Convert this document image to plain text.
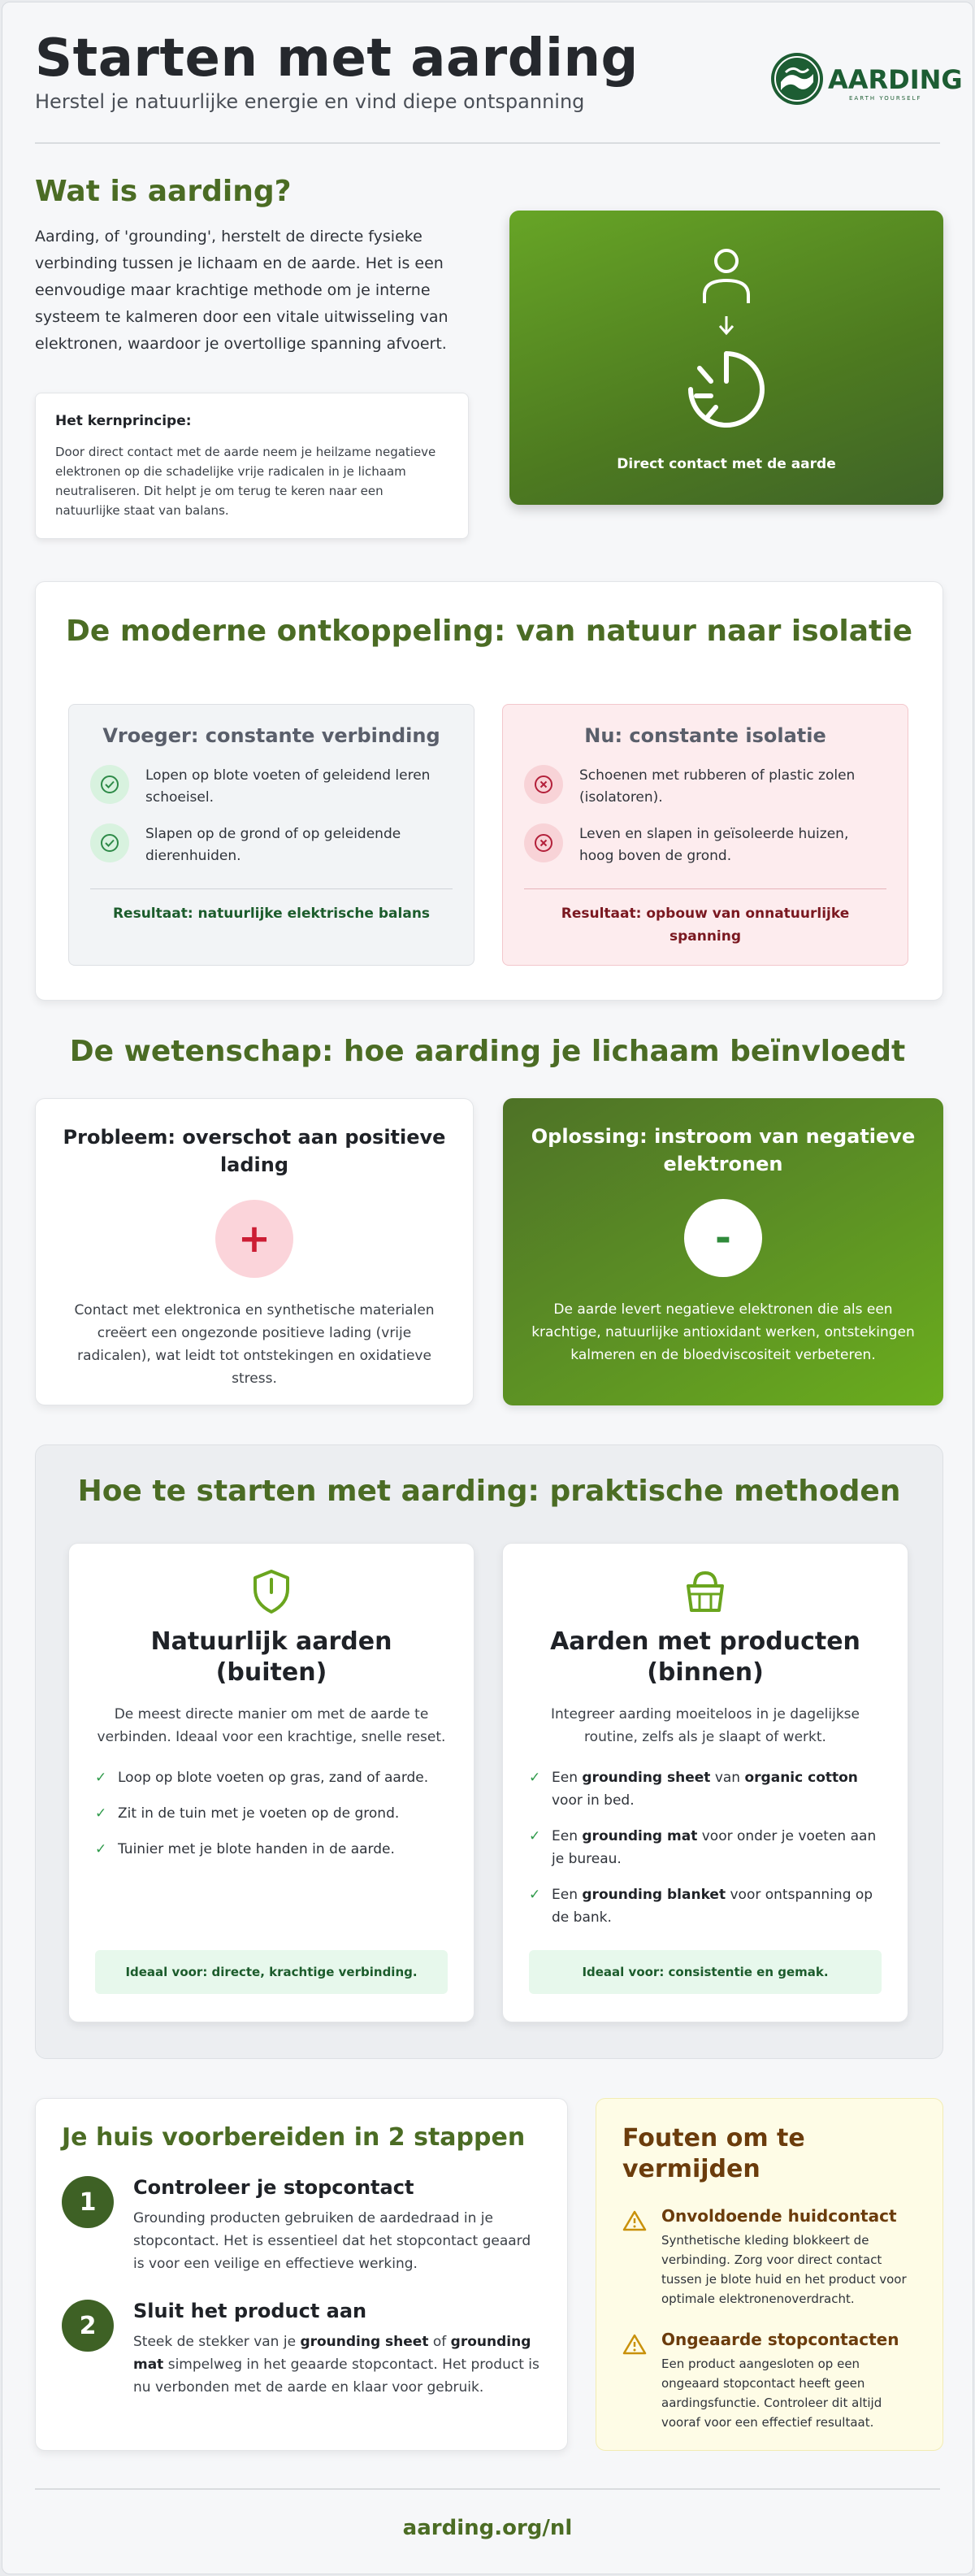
Starten met aarding
Herstel je natuurlijke energie en vind diepe ontspanning
AARDING
EARTH YOURSELF
Wat is aarding?
Aarding, of 'grounding', herstelt de directe fysieke verbinding tussen je lichaam en de aarde. Het is een eenvoudige maar krachtige methode om je interne systeem te kalmeren door een vitale uitwisseling van elektronen, waardoor je overtollige spanning afvoert.
Het kernprincipe:
Door direct contact met de aarde neem je heilzame negatieve elektronen op die schadelijke vrije radicalen in je lichaam neutraliseren. Dit helpt je om terug te keren naar een natuurlijke staat van balans.
Direct contact met de aarde
De moderne ontkoppeling: van natuur naar isolatie
Vroeger: constante verbinding
Lopen op blote voeten of geleidend leren schoeisel.
Slapen op de grond of op geleidende dierenhuiden.
Resultaat: natuurlijke elektrische balans
Nu: constante isolatie
Schoenen met rubberen of plastic zolen (isolatoren).
Leven en slapen in geïsoleerde huizen, hoog boven de grond.
Resultaat: opbouw van onnatuurlijke spanning
De wetenschap: hoe aarding je lichaam beïnvloedt
Probleem: overschot aan positieve lading
+
Contact met elektronica en synthetische materialen creëert een ongezonde positieve lading (vrije radicalen), wat leidt tot ontstekingen en oxidatieve stress.
Oplossing: instroom van negatieve elektronen
-
De aarde levert negatieve elektronen die als een krachtige, natuurlijke antioxidant werken, ontstekingen kalmeren en de bloedviscositeit verbeteren.
Hoe te starten met aarding: praktische methoden
Natuurlijk aarden (buiten)
De meest directe manier om met de aarde te verbinden. Ideaal voor een krachtige, snelle reset.
✓ Loop op blote voeten op gras, zand of aarde.
✓ Zit in de tuin met je voeten op de grond.
✓ Tuinier met je blote handen in de aarde.
Ideaal voor: directe, krachtige verbinding.
Aarden met producten (binnen)
Integreer aarding moeiteloos in je dagelijkse routine, zelfs als je slaapt of werkt.
✓ Een grounding sheet van organic cotton voor in bed.
✓ Een grounding mat voor onder je voeten aan je bureau.
✓ Een grounding blanket voor ontspanning op de bank.
Ideaal voor: consistentie en gemak.
Je huis voorbereiden in 2 stappen
1
Controleer je stopcontact
Grounding producten gebruiken de aardedraad in je stopcontact. Het is essentieel dat het stopcontact geaard is voor een veilige en effectieve werking.
2
Sluit het product aan
Steek de stekker van je grounding sheet of grounding mat simpelweg in het geaarde stopcontact. Het product is nu verbonden met de aarde en klaar voor gebruik.
Fouten om te vermijden
Onvoldoende huidcontact
Synthetische kleding blokkeert de verbinding. Zorg voor direct contact tussen je blote huid en het product voor optimale elektronenoverdracht.
Ongeaarde stopcontacten
Een product aangesloten op een ongeaard stopcontact heeft geen aardingsfunctie. Controleer dit altijd vooraf voor een effectief resultaat.
aarding.org/nl
